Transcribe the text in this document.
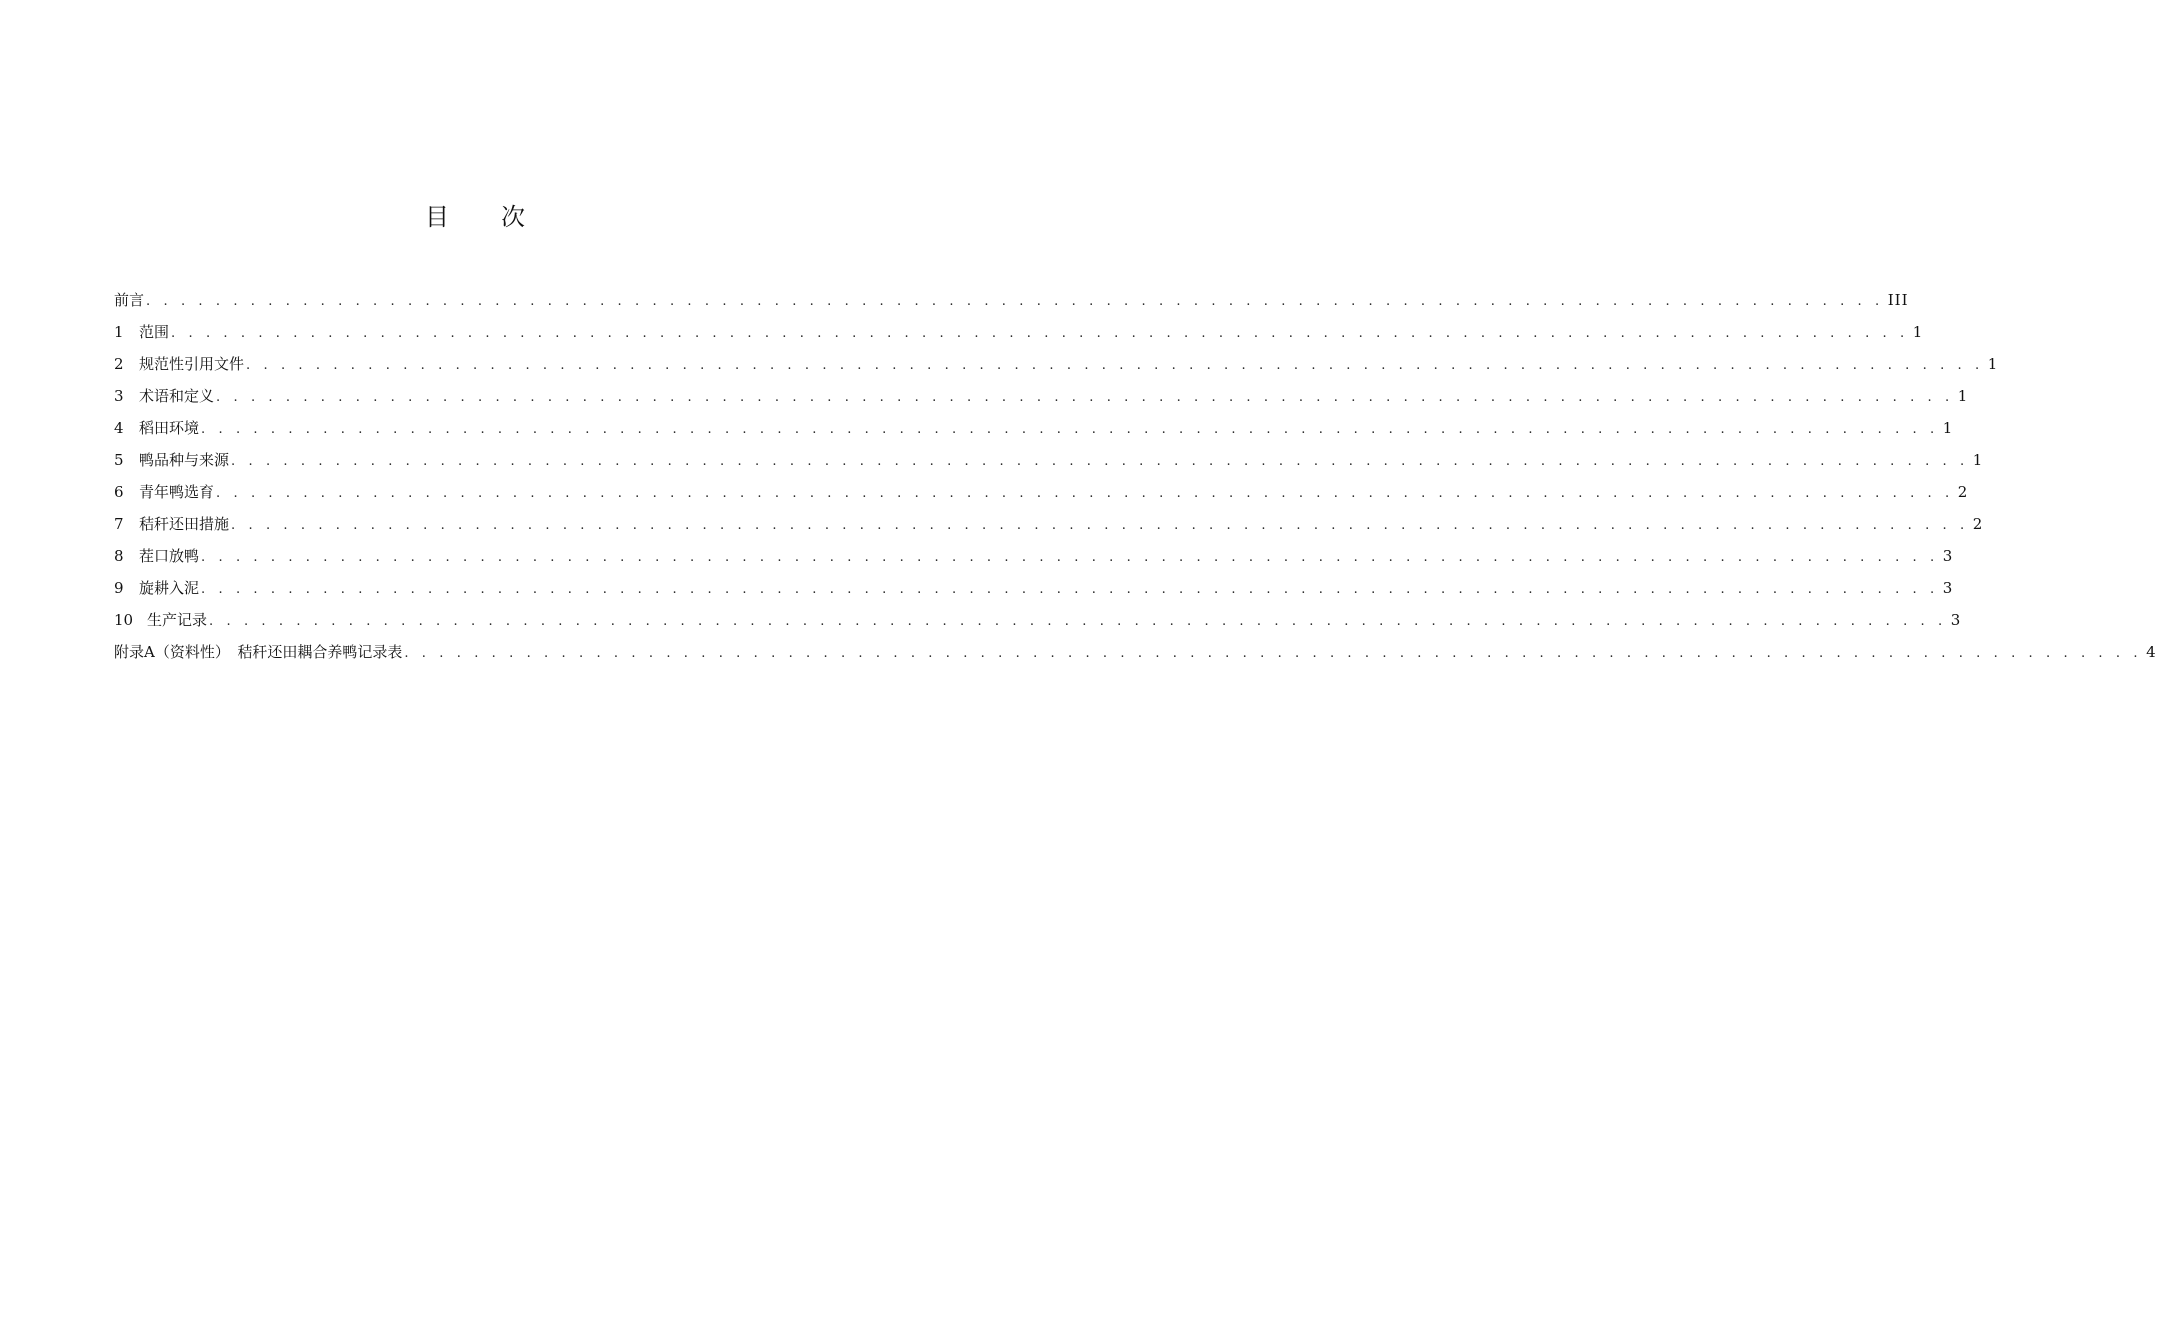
目 次
前言 . . . . . . . . . . . . . . . . . . . . . . . . . . . . . . . . . . . . . . . . . . . . . . . . . . . . . . . . . . . . . . . . . . . . . . . . . . . . . . . . . . . . . . . . . . . . . . . . . . . . III
1	范围 . . . . . . . . . . . . . . . . . . . . . . . . . . . . . . . . . . . . . . . . . . . . . . . . . . . . . . . . . . . . . . . . . . . . . . . . . . . . . . . . . . . . . . . . . . . . . . . . . . . . 1
2	规范性引用文件 . . . . . . . . . . . . . . . . . . . . . . . . . . . . . . . . . . . . . . . . . . . . . . . . . . . . . . . . . . . . . . . . . . . . . . . . . . . . . . . . . . . . . . . . . . . . . . . . . . . . 1
3	术语和定义 . . . . . . . . . . . . . . . . . . . . . . . . . . . . . . . . . . . . . . . . . . . . . . . . . . . . . . . . . . . . . . . . . . . . . . . . . . . . . . . . . . . . . . . . . . . . . . . . . . . . 1
4	稻田环境 . . . . . . . . . . . . . . . . . . . . . . . . . . . . . . . . . . . . . . . . . . . . . . . . . . . . . . . . . . . . . . . . . . . . . . . . . . . . . . . . . . . . . . . . . . . . . . . . . . . . 1
5	鸭品种与来源 . . . . . . . . . . . . . . . . . . . . . . . . . . . . . . . . . . . . . . . . . . . . . . . . . . . . . . . . . . . . . . . . . . . . . . . . . . . . . . . . . . . . . . . . . . . . . . . . . . . . 1
6	青年鸭选育 . . . . . . . . . . . . . . . . . . . . . . . . . . . . . . . . . . . . . . . . . . . . . . . . . . . . . . . . . . . . . . . . . . . . . . . . . . . . . . . . . . . . . . . . . . . . . . . . . . . . 2
7	秸秆还田措施 . . . . . . . . . . . . . . . . . . . . . . . . . . . . . . . . . . . . . . . . . . . . . . . . . . . . . . . . . . . . . . . . . . . . . . . . . . . . . . . . . . . . . . . . . . . . . . . . . . . . 2
8	茬口放鸭 . . . . . . . . . . . . . . . . . . . . . . . . . . . . . . . . . . . . . . . . . . . . . . . . . . . . . . . . . . . . . . . . . . . . . . . . . . . . . . . . . . . . . . . . . . . . . . . . . . . . 3
9	旋耕入泥 . . . . . . . . . . . . . . . . . . . . . . . . . . . . . . . . . . . . . . . . . . . . . . . . . . . . . . . . . . . . . . . . . . . . . . . . . . . . . . . . . . . . . . . . . . . . . . . . . . . . 3
10 生产记录 . . . . . . . . . . . . . . . . . . . . . . . . . . . . . . . . . . . . . . . . . . . . . . . . . . . . . . . . . . . . . . . . . . . . . . . . . . . . . . . . . . . . . . . . . . . . . . . . . . . . 3
附录A（资料性）　秸秆还田耦合养鸭记录表 . . . . . . . . . . . . . . . . . . . . . . . . . . . . . . . . . . . . . . . . . . . . . . . . . . . . . . . . . . . . . . . . . . . . . . . . . . . . . . . . . . . . . . . . . . . . . . . . . . . . 4
